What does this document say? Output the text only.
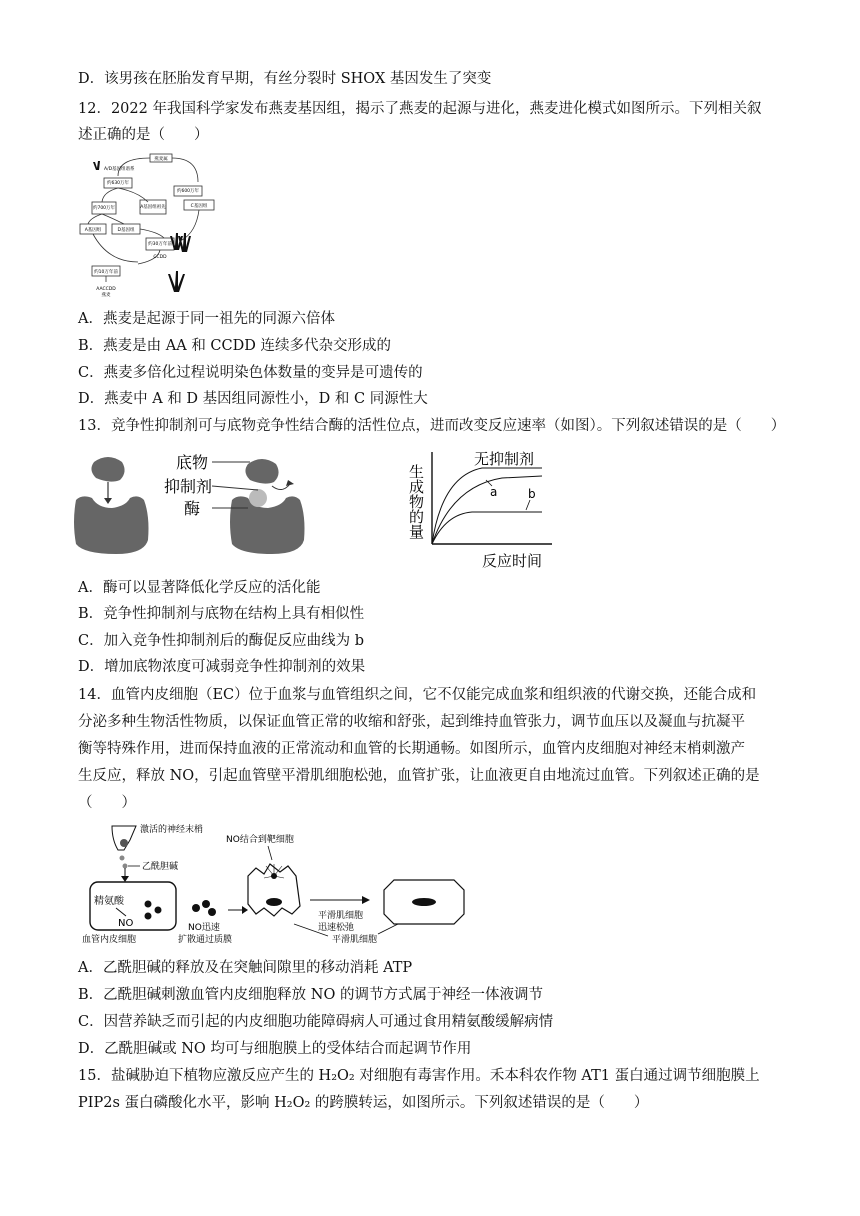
D．该男孩在胚胎发育早期，有丝分裂时 SHOX 基因发生了突变
12．2022 年我国科学家发布燕麦基因组，揭示了燕麦的起源与进化，燕麦进化模式如图所示。下列相关叙
述正确的是（　　）
燕麦属
A/D基因组谱系
约630万年
约600万年
约700万年	A基因组祖先	C基因组
A基因组	D基因组
约30万年前
CCDD
约10万年前
AACCDD
燕麦
A．燕麦是起源于同一祖先的同源六倍体
B．燕麦是由 AA 和 CCDD 连续多代杂交形成的
C．燕麦多倍化过程说明染色体数量的变异是可遗传的
D．燕麦中 A 和 D 基因组同源性小，D 和 C 同源性大
13．竞争性抑制剂可与底物竞争性结合酶的活性位点，进而改变反应速率（如图）。下列叙述错误的是（　　）
底物
抑制剂
酶
无抑制剂
a	b
生成物的量
反应时间
A．酶可以显著降低化学反应的活化能
B．竞争性抑制剂与底物在结构上具有相似性
C．加入竞争性抑制剂后的酶促反应曲线为 b
D．增加底物浓度可减弱竞争性抑制剂的效果
14．血管内皮细胞（EC）位于血浆与血管组织之间，它不仅能完成血浆和组织液的代谢交换，还能合成和
分泌多种生物活性物质，以保证血管正常的收缩和舒张，起到维持血管张力，调节血压以及凝血与抗凝平
衡等特殊作用，进而保持血液的正常流动和血管的长期通畅。如图所示，血管内皮细胞对神经末梢刺激产
生反应，释放 NO，引起血管壁平滑肌细胞松弛，血管扩张，让血液更自由地流过血管。下列叙述正确的是
（　　）
激活的神经末梢
乙酰胆碱
精氨酸
NO
血管内皮细胞
NO迅速
扩散通过质膜
NO结合到靶细胞
平滑肌细胞
迅速松弛
平滑肌细胞
A．乙酰胆碱的释放及在突触间隙里的移动消耗 ATP
B．乙酰胆碱刺激血管内皮细胞释放 NO 的调节方式属于神经一体液调节
C．因营养缺乏而引起的内皮细胞功能障碍病人可通过食用精氨酸缓解病情
D．乙酰胆碱或 NO 均可与细胞膜上的受体结合而起调节作用
15．盐碱胁迫下植物应激反应产生的 H₂O₂ 对细胞有毒害作用。禾本科农作物 AT1 蛋白通过调节细胞膜上
PIP2s 蛋白磷酸化水平，影响 H₂O₂ 的跨膜转运，如图所示。下列叙述错误的是（　　）
